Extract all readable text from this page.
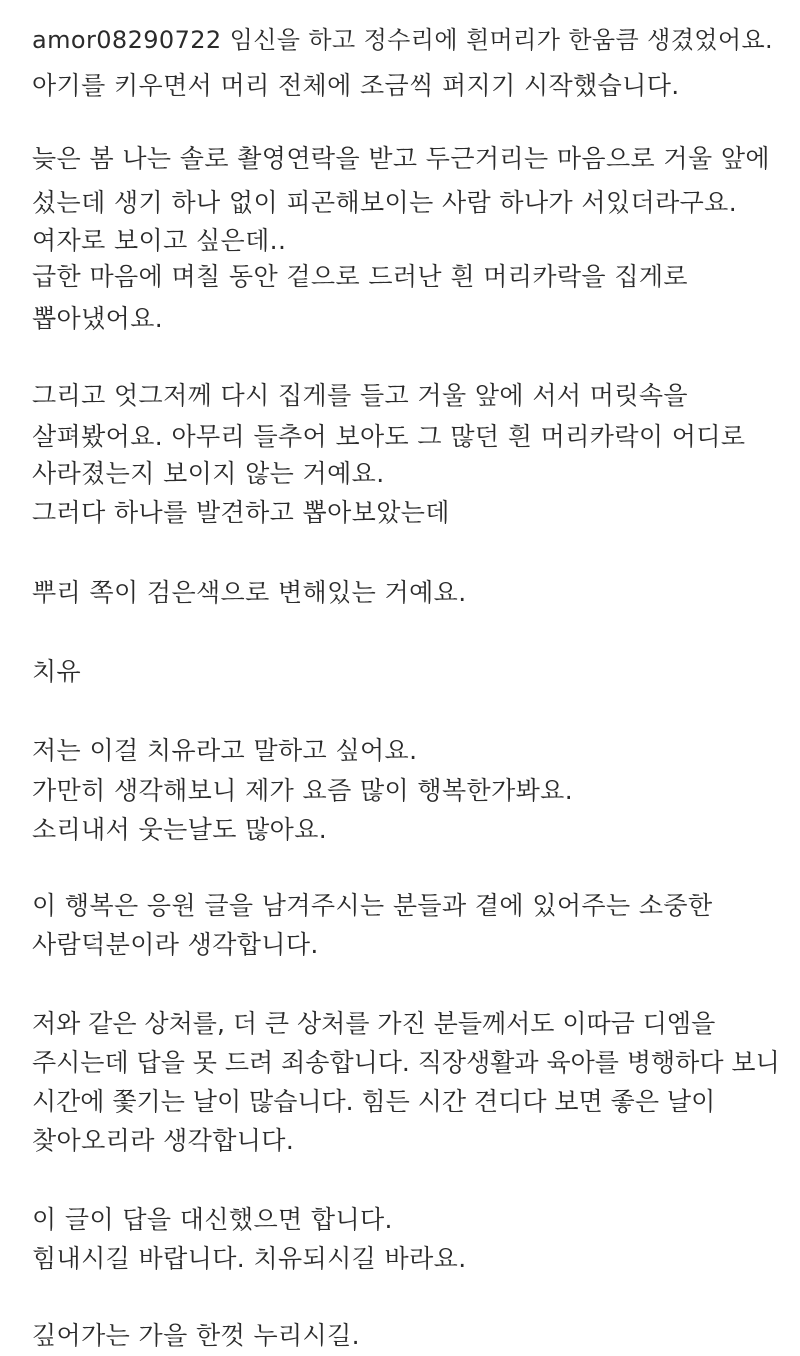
amor08290722 임신을 하고 정수리에 흰머리가 한움큼 생겼었어요.
아기를 키우면서 머리 전체에 조금씩 퍼지기 시작했습니다.
늦은 봄 나는 솔로 촬영연락을 받고 두근거리는 마음으로 거울 앞에
섰는데 생기 하나 없이 피곤해보이는 사람 하나가 서있더라구요.
여자로 보이고 싶은데..
급한 마음에 며칠 동안 겉으로 드러난 흰 머리카락을 집게로
뽑아냈어요.
그리고 엇그저께 다시 집게를 들고 거울 앞에 서서 머릿속을
살펴봤어요. 아무리 들추어 보아도 그 많던 흰 머리카락이 어디로
사라졌는지 보이지 않는 거예요.
그러다 하나를 발견하고 뽑아보았는데
뿌리 쪽이 검은색으로 변해있는 거예요.
치유
저는 이걸 치유라고 말하고 싶어요.
가만히 생각해보니 제가 요즘 많이 행복한가봐요.
소리내서 웃는날도 많아요.
이 행복은 응원 글을 남겨주시는 분들과 곁에 있어주는 소중한
사람덕분이라 생각합니다.
저와 같은 상처를, 더 큰 상처를 가진 분들께서도 이따금 디엠을
주시는데 답을 못 드려 죄송합니다. 직장생활과 육아를 병행하다 보니
시간에 쫓기는 날이 많습니다. 힘든 시간 견디다 보면 좋은 날이
찾아오리라 생각합니다.
이 글이 답을 대신했으면 합니다.
힘내시길 바랍니다. 치유되시길 바라요.
깊어가는 가을 한껏 누리시길.
